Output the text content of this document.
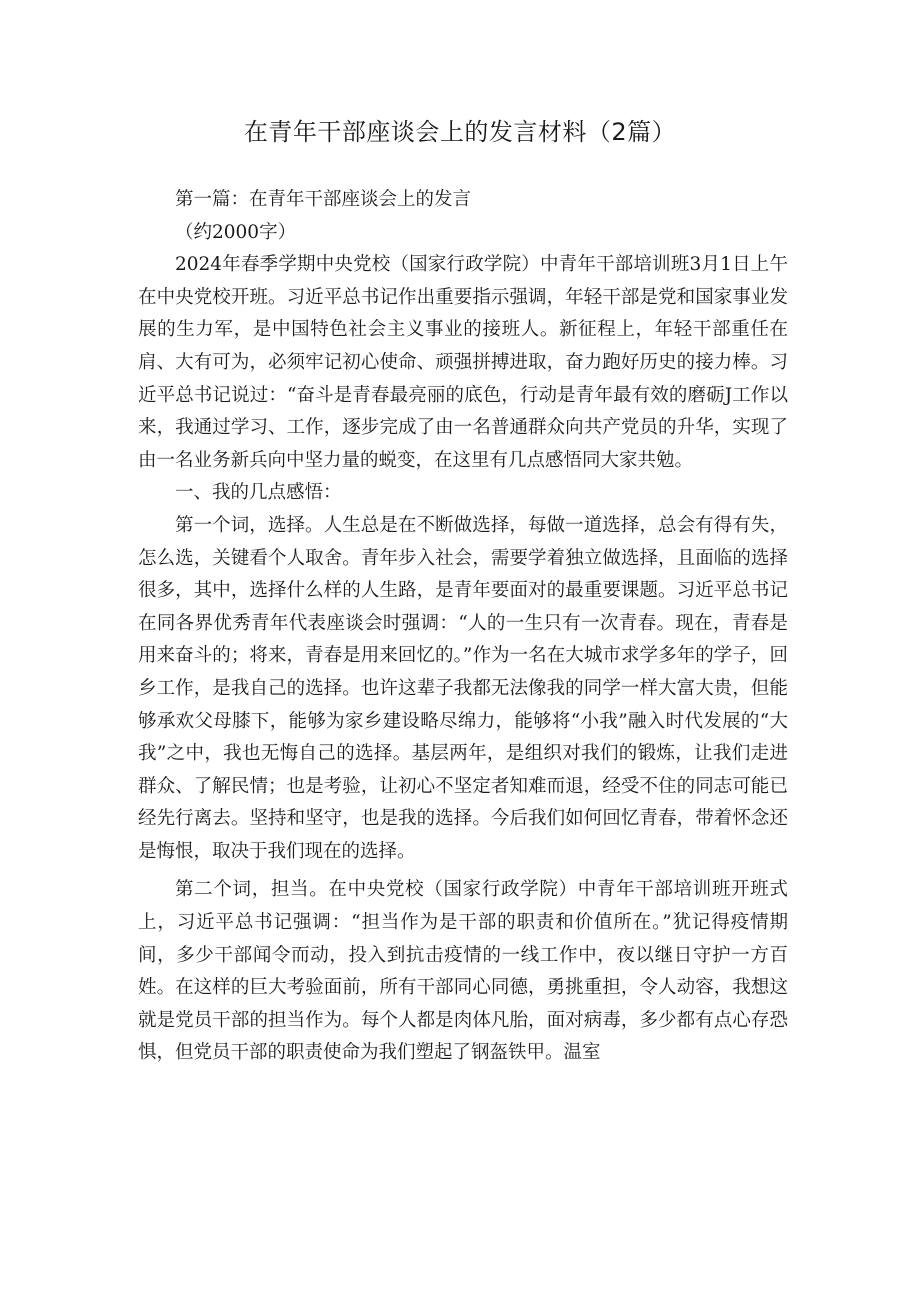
在青年干部座谈会上的发言材料（2篇）

第一篇：在青年干部座谈会上的发言

（约2000字）

2024年春季学期中央党校（国家行政学院）中青年干部培训班3月1日上午在中央党校开班。习近平总书记作出重要指示强调，年轻干部是党和国家事业发展的生力军，是中国特色社会主义事业的接班人。新征程上，年轻干部重任在肩、大有可为，必须牢记初心使命、顽强拼搏进取，奋力跑好历史的接力棒。习近平总书记说过：“奋斗是青春最亮丽的底色，行动是青年最有效的磨砺J工作以来，我通过学习、工作，逐步完成了由一名普通群众向共产党员的升华，实现了由一名业务新兵向中坚力量的蜕变，在这里有几点感悟同大家共勉。

一、我的几点感悟：

第一个词，选择。人生总是在不断做选择，每做一道选择，总会有得有失，怎么选，关键看个人取舍。青年步入社会，需要学着独立做选择，且面临的选择很多，其中，选择什么样的人生路，是青年要面对的最重要课题。习近平总书记在同各界优秀青年代表座谈会时强调：“人的一生只有一次青春。现在，青春是用来奋斗的；将来，青春是用来回忆的。”作为一名在大城市求学多年的学子，回乡工作，是我自己的选择。也许这辈子我都无法像我的同学一样大富大贵，但能够承欢父母膝下，能够为家乡建设略尽绵力，能够将“小我”融入时代发展的“大我”之中，我也无悔自己的选择。基层两年，是组织对我们的锻炼，让我们走进群众、了解民情；也是考验，让初心不坚定者知难而退，经受不住的同志可能已经先行离去。坚持和坚守，也是我的选择。今后我们如何回忆青春，带着怀念还是悔恨，取决于我们现在的选择。

第二个词，担当。在中央党校（国家行政学院）中青年干部培训班开班式上，习近平总书记强调：“担当作为是干部的职责和价值所在。”犹记得疫情期间，多少干部闻令而动，投入到抗击疫情的一线工作中，夜以继日守护一方百姓。在这样的巨大考验面前，所有干部同心同德，勇挑重担，令人动容，我想这就是党员干部的担当作为。每个人都是肉体凡胎，面对病毒，多少都有点心存恐惧，但党员干部的职责使命为我们塑起了钢盔铁甲。温室
